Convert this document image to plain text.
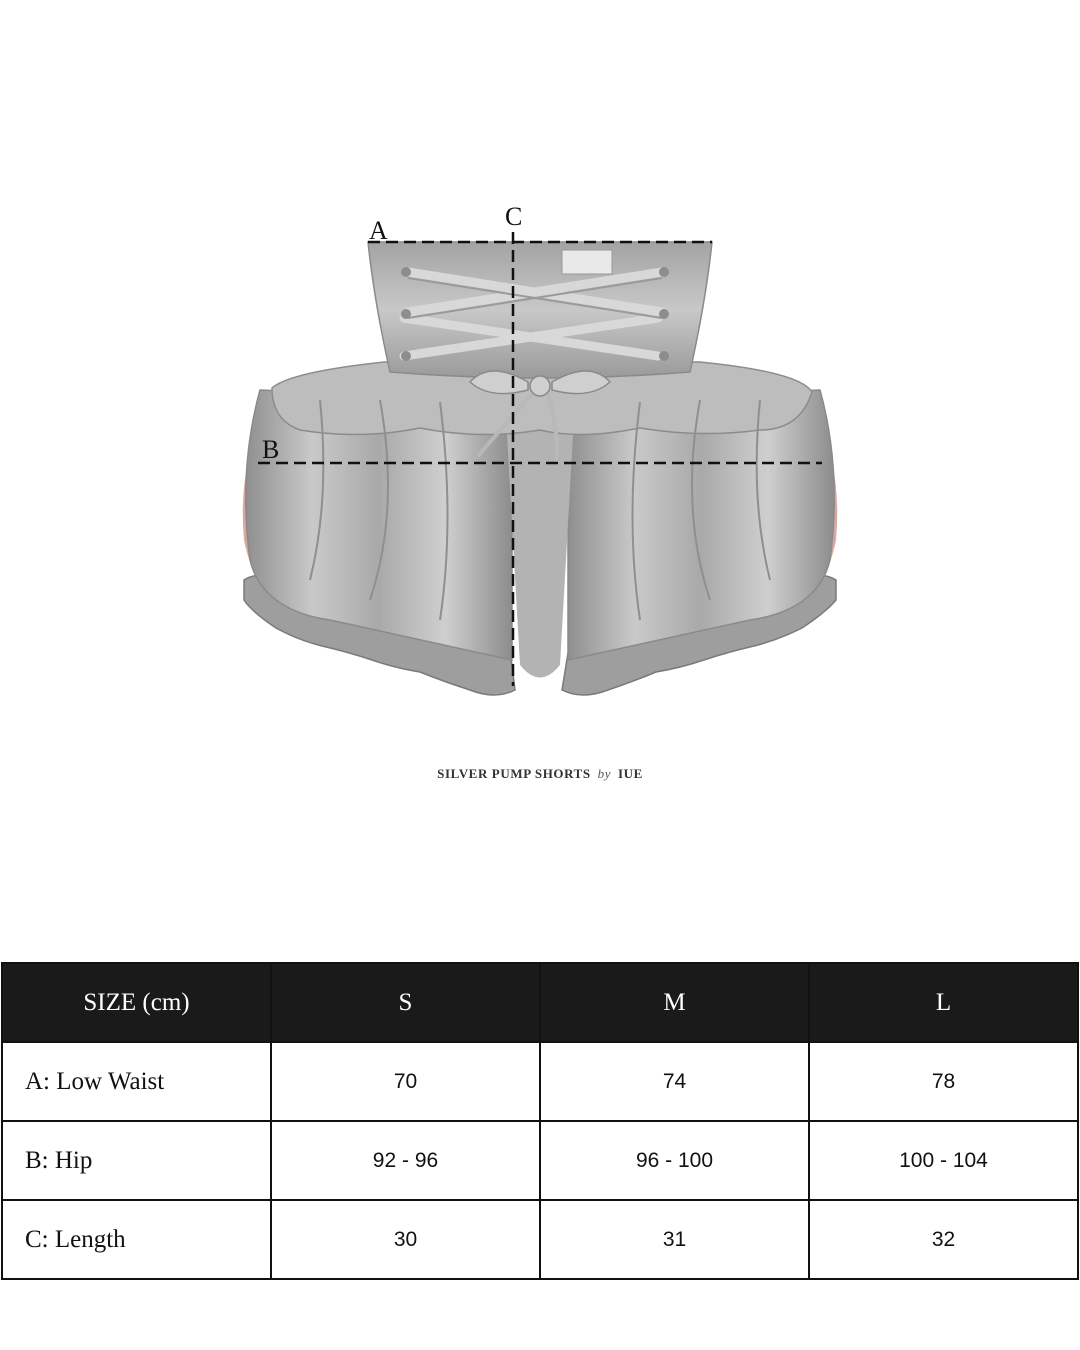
A
B
C
SILVER PUMP SHORTS by IUE
SIZE (cm)	S	M	L
A: Low Waist	70	74	78
B: Hip	92 - 96	96 - 100	100 - 104
C: Length	30	31	32
